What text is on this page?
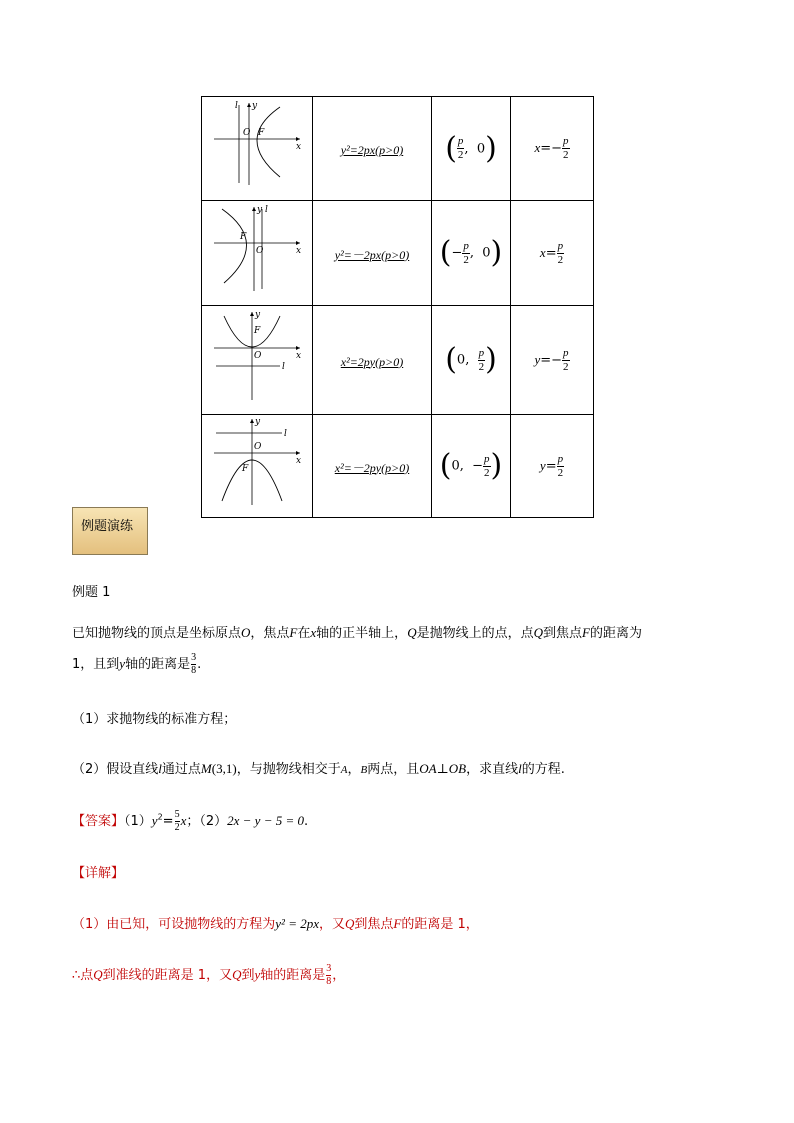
x
y
O F
l	y²=2px(p>0)	( $\frac{p}{2}$ ,  0)	$x=- \frac{p}{2}$

x
y
O
F
l	y²=－2px(p>0)	(− $\frac{p}{2}$ ,  0)	$x= \frac{p}{2}$

x
y
O
F
l	x²=2py(p>0)	(0, $\frac{p}{2}$ )	$y=- \frac{p}{2}$

x
y
O
F
l	x²=－2py(p>0)	(0,  − $\frac{p}{2}$ )	$y= \frac{p}{2}$
例题演练
例题 1
已知抛物线的顶点是坐标原点O，焦点F在x轴的正半轴上，Q是抛物线上的点，点Q到焦点F的距离为
1，且到y轴的距离是 $\frac{3}{8}$ .
（1）求抛物线的标准方程；
（2）假设直线l通过点M(3,1)，与抛物线相交于A，B两点，且OA⊥OB，求直线l的方程.
【答案】$(1)y^2= \frac{5}{2}$ x；（2）2x − y − 5 = 0.
【详解】
（1）由已知，可设抛物线的方程为y² = 2px，又Q到焦点F的距离是 1，
∴点Q到准线的距离是 1，又Q到y轴的距离是 $\frac{3}{8}$ ，
